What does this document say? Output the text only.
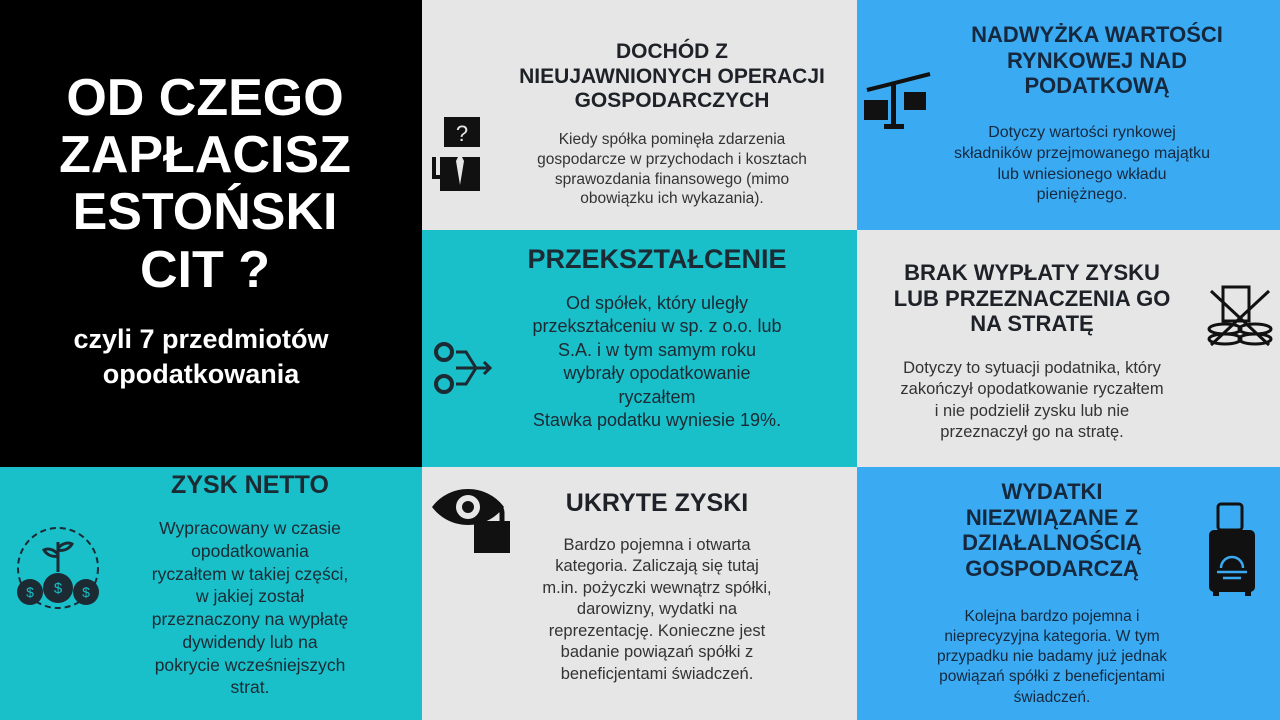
OD CZEGO
ZAPŁACISZ
ESTOŃSKI
CIT ?
czyli 7 przedmiotów
opodatkowania
DOCHÓD Z
NIEUJAWNIONYCH OPERACJI
GOSPODARCZYCH
Kiedy spółka pominęła zdarzenia
gospodarcze w przychodach i kosztach
sprawozdania finansowego (mimo
obowiązku ich wykazania).
?
NADWYŻKA WARTOŚCI
RYNKOWEJ NAD
PODATKOWĄ
Dotyczy wartości rynkowej
składników przejmowanego majątku
lub wniesionego wkładu
pieniężnego.
PRZEKSZTAŁCENIE
Od spółek, który uległy
przekształceniu w sp. z o.o. lub
S.A. i w tym samym roku
wybrały opodatkowanie
ryczałtem
Stawka podatku wyniesie 19%.
BRAK WYPŁATY ZYSKU
LUB PRZEZNACZENIA GO
NA STRATĘ
Dotyczy to sytuacji podatnika, który
zakończył opodatkowanie ryczałtem
i nie podzielił zysku lub nie
przeznaczył go na stratę.
ZYSK NETTO
Wypracowany w czasie
opodatkowania
ryczałtem w takiej części,
w jakiej został
przeznaczony na wypłatę
dywidendy lub na
pokrycie wcześniejszych
strat.
$ $ $
UKRYTE ZYSKI
Bardzo pojemna i otwarta
kategoria. Zaliczają się tutaj
m.in. pożyczki wewnątrz spółki,
darowizny, wydatki na
reprezentację. Konieczne jest
badanie powiązań spółki z
beneficjentami świadczeń.
WYDATKI
NIEZWIĄZANE Z
DZIAŁALNOŚCIĄ
GOSPODARCZĄ
Kolejna bardzo pojemna i
nieprecyzyjna kategoria. W tym
przypadku nie badamy już jednak
powiązań spółki z beneficjentami
świadczeń.
